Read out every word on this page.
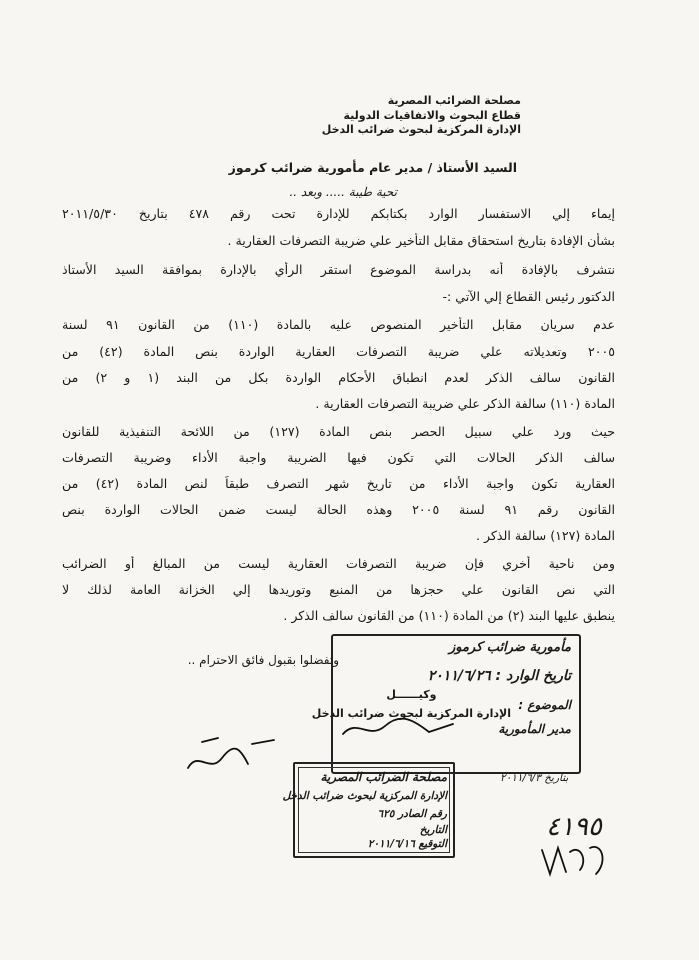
مصلحة الضرائب المصرية
قطاع البحوث والاتفاقيات الدولية
الإدارة المركزية لبحوث ضرائب الدخل
السيد الأستاذ / مدير عام مأمورية ضرائب كرموز
تحية طيبة ..... وبعد ..
إيماء إلي الاستفسار الوارد بكتابكم للإدارة تحت رقم ٤٧٨ بتاريخ ٢٠١١/٥/٣٠
بشأن الإفادة بتاريخ استحقاق مقابل التأخير علي ضريبة التصرفات العقارية .
نتشرف بالإفادة أنه بدراسة الموضوع استقر الرأي بالإدارة بموافقة السيد الأستاذ
الدكتور رئيس القطاع إلي الآتي :-
عدم سريان مقابل التأخير المنصوص عليه بالمادة (١١٠) من القانون ٩١ لسنة
٢٠٠٥ وتعديلاته علي ضريبة التصرفات العقارية الواردة بنص المادة (٤٢) من
القانون سالف الذكر لعدم انطباق الأحكام الواردة بكل من البند (١ و ٢) من
المادة (١١٠) سالفة الذكر علي ضريبة التصرفات العقارية .
حيث ورد علي سبيل الحصر بنص المادة (١٢٧) من اللائحة التنفيذية للقانون
سالف الذكر الحالات التي تكون فيها الضريبة واجبة الأداء وضريبة التصرفات
العقارية تكون واجبة الأداء من تاريخ شهر التصرف طبقاً لنص المادة (٤٢) من
القانون رقم ٩١ لسنة ٢٠٠٥ وهذه الحالة ليست ضمن الحالات الواردة بنص
المادة (١٢٧) سالفة الذكر .
ومن ناحية أخري فإن ضريبة التصرفات العقارية ليست من المبالغ أو الضرائب
التي نص القانون علي حجزها من المنبع وتوريدها إلي الخزانة العامة لذلك لا
ينطبق عليها البند (٢) من المادة (١١٠) من القانون سالف الذكر .
وتفضلوا بقبول فائق الاحترام ..
وكيــــــل
الإدارة المركزية لبحوث ضرائب الدخل
مأمورية ضرائب كرموز
تاريخ الوارد : ٢٠١١/٦/٢٦
الموضوع :
مدير المأمورية
بتاريخ ٢٠١١/٦/٣
مصلحة الضرائب المصرية
الإدارة المركزية لبحوث ضرائب الدخل
رقم الصادر ٦٢٥
التاريخ
التوقيع ٢٠١١/٦/١٦
٤١٩٥
